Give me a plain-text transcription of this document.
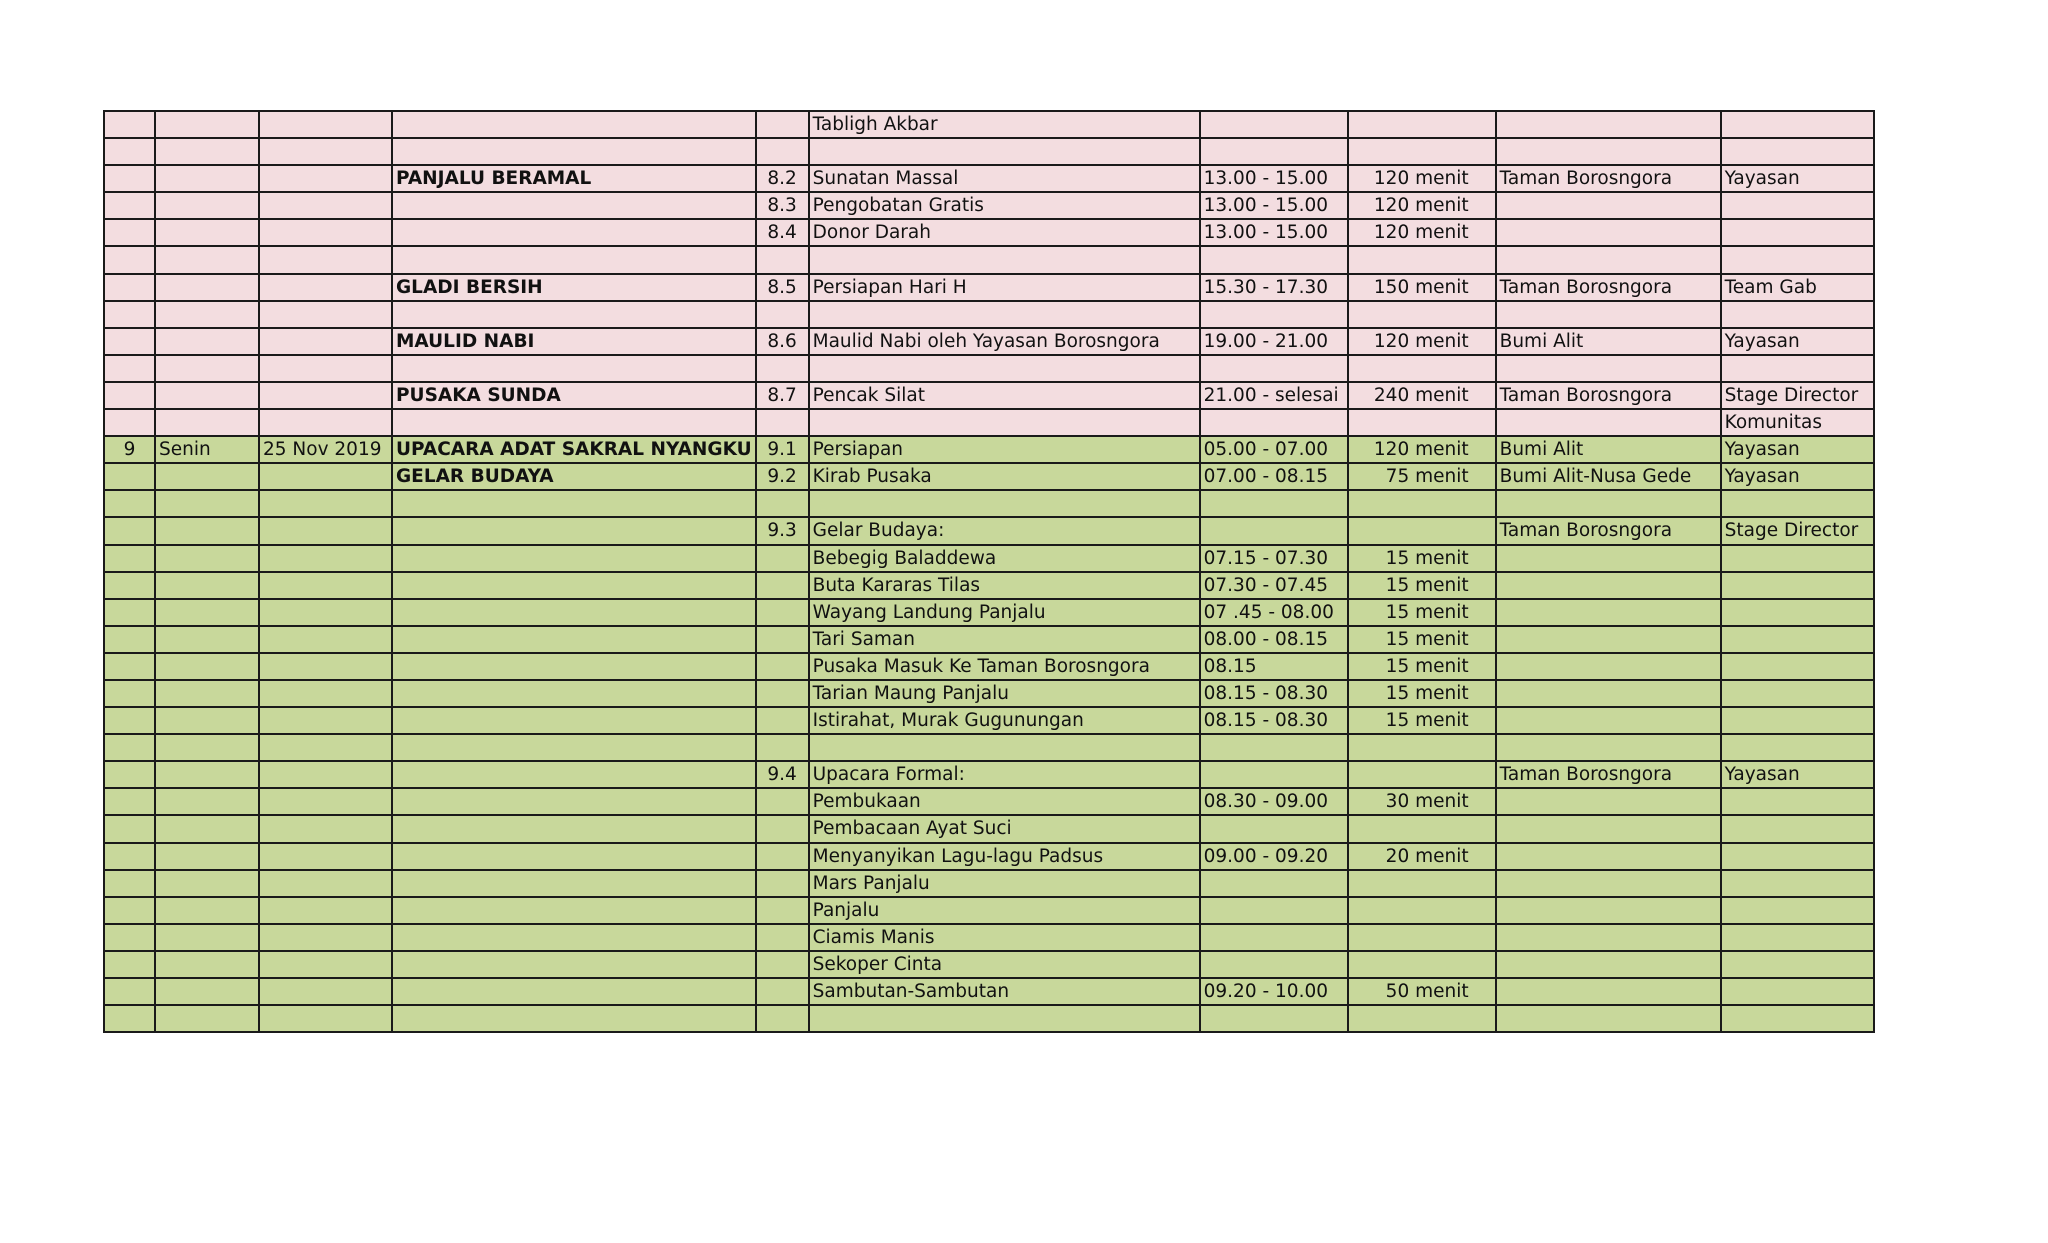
					Tabligh Akbar				

			PANJALU BERAMAL	8.2	Sunatan Massal	13.00 - 15.00	120 menit	Taman Borosngora	Yayasan
				8.3	Pengobatan Gratis	13.00 - 15.00	120 menit		
				8.4	Donor Darah	13.00 - 15.00	120 menit		

			GLADI BERSIH	8.5	Persiapan Hari H	15.30 - 17.30	150 menit	Taman Borosngora	Team Gab

			MAULID NABI	8.6	Maulid Nabi oleh Yayasan Borosngora	19.00 - 21.00	120 menit	Bumi Alit	Yayasan

			PUSAKA SUNDA	8.7	Pencak Silat	21.00 - selesai	240 menit	Taman Borosngora	Stage Director
									Komunitas
9	Senin	25 Nov 2019	UPACARA ADAT SAKRAL NYANGKU	9.1	Persiapan	05.00 - 07.00	120 menit	Bumi Alit	Yayasan
			GELAR BUDAYA	9.2	Kirab Pusaka	07.00 - 08.15	75 menit	Bumi Alit-Nusa Gede	Yayasan

				9.3	Gelar Budaya:			Taman Borosngora	Stage Director
					Bebegig Baladdewa	07.15 - 07.30	15 menit		
					Buta Kararas Tilas	07.30 - 07.45	15 menit		
					Wayang Landung Panjalu	07 .45 - 08.00	15 menit		
					Tari Saman	08.00 - 08.15	15 menit		
					Pusaka Masuk Ke Taman Borosngora	08.15	15 menit		
					Tarian Maung Panjalu	08.15 - 08.30	15 menit		
					Istirahat, Murak Gugunungan	08.15 - 08.30	15 menit		

				9.4	Upacara Formal:			Taman Borosngora	Yayasan
					Pembukaan	08.30 - 09.00	30 menit		
					Pembacaan Ayat Suci				
					Menyanyikan Lagu-lagu Padsus	09.00 - 09.20	20 menit		
					Mars Panjalu				
					Panjalu				
					Ciamis Manis				
					Sekoper Cinta				
					Sambutan-Sambutan	09.20 - 10.00	50 menit		
